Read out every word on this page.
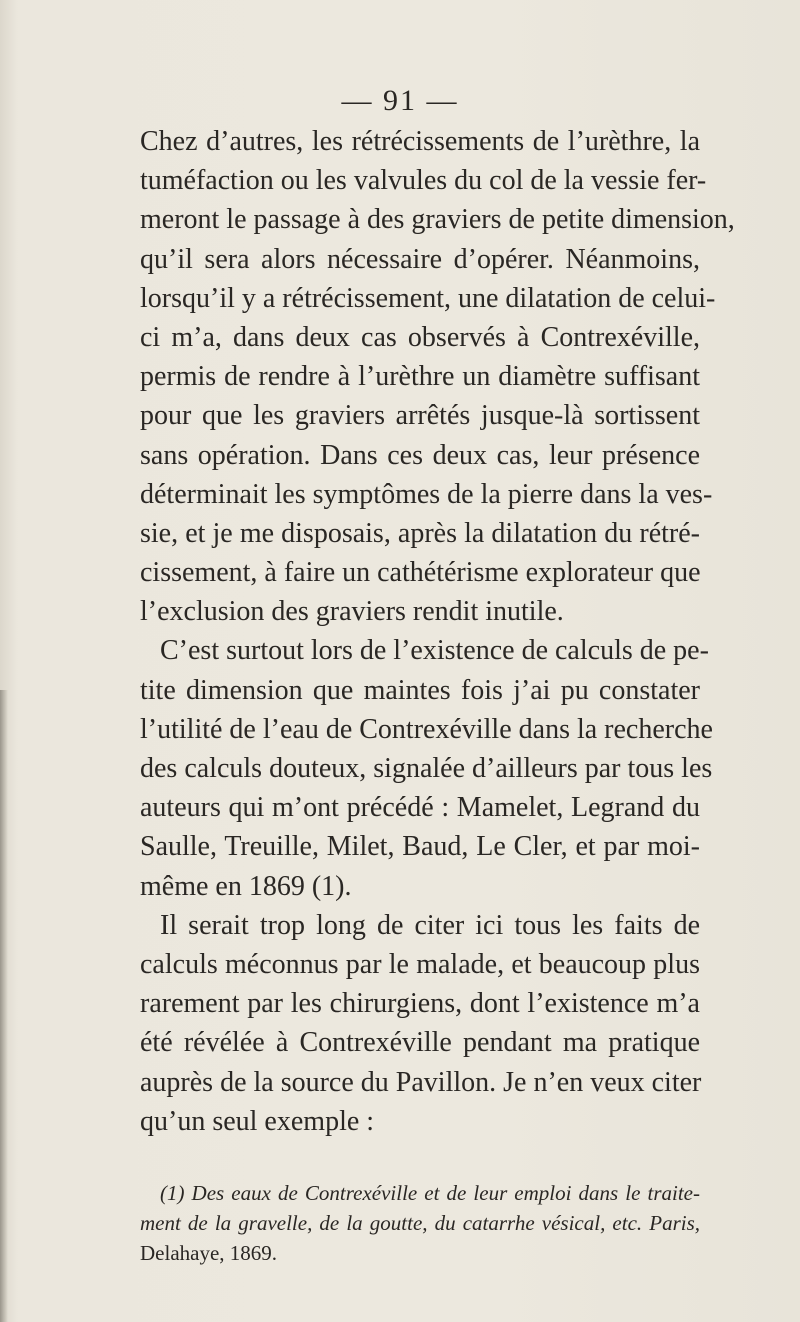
— 91 —
Chez d’autres, les rétrécissements de l’urèthre, la
tuméfaction ou les valvules du col de la vessie fer-
meront le passage à des graviers de petite dimension,
qu’il sera alors nécessaire d’opérer. Néanmoins,
lorsqu’il y a rétrécissement, une dilatation de celui-
ci m’a, dans deux cas observés à Contrexéville,
permis de rendre à l’urèthre un diamètre suffisant
pour que les graviers arrêtés jusque-là sortissent
sans opération. Dans ces deux cas, leur présence
déterminait les symptômes de la pierre dans la ves-
sie, et je me disposais, après la dilatation du rétré-
cissement, à faire un cathétérisme explorateur que
l’exclusion des graviers rendit inutile.
C’est surtout lors de l’existence de calculs de pe-
tite dimension que maintes fois j’ai pu constater
l’utilité de l’eau de Contrexéville dans la recherche
des calculs douteux, signalée d’ailleurs par tous les
auteurs qui m’ont précédé : Mamelet, Legrand du
Saulle, Treuille, Milet, Baud, Le Cler, et par moi-
même en 1869 (1).
Il serait trop long de citer ici tous les faits de
calculs méconnus par le malade, et beaucoup plus
rarement par les chirurgiens, dont l’existence m’a
été révélée à Contrexéville pendant ma pratique
auprès de la source du Pavillon. Je n’en veux citer
qu’un seul exemple :
(1) Des eaux de Contrexéville et de leur emploi dans le traite-
ment de la gravelle, de la goutte, du catarrhe vésical, etc. Paris,
Delahaye, 1869.
